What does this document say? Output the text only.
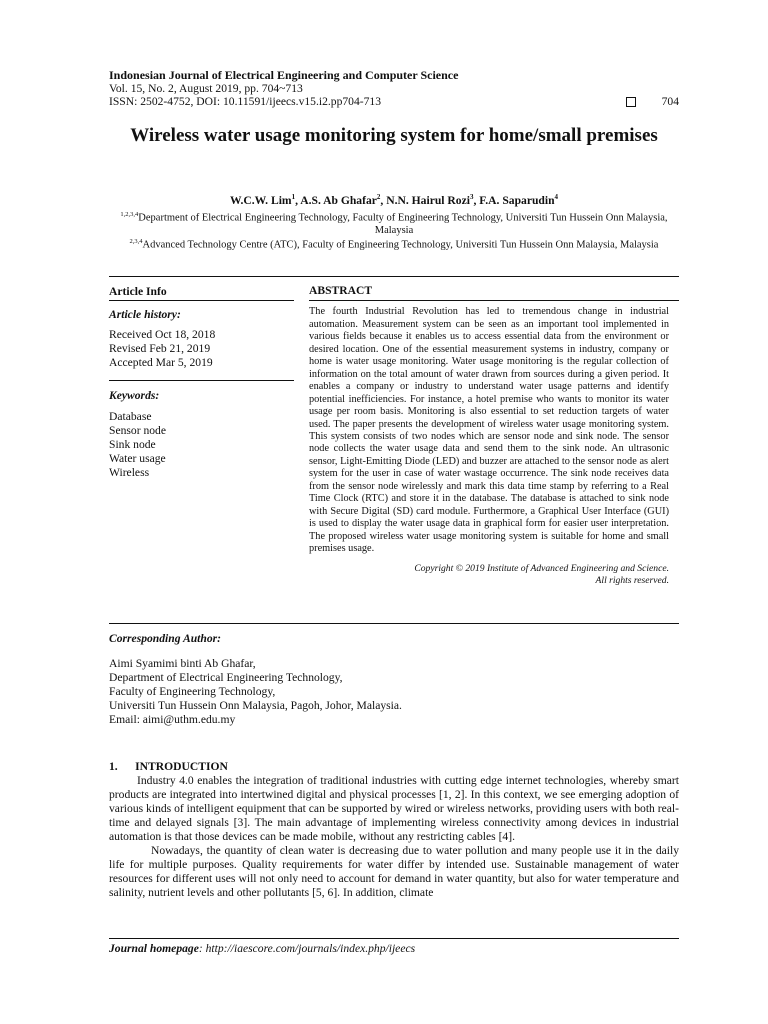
Indonesian Journal of Electrical Engineering and Computer Science
Vol. 15, No. 2, August 2019, pp. 704~713
ISSN: 2502-4752, DOI: 10.11591/ijeecs.v15.i2.pp704-713	704
Wireless water usage monitoring system for home/small premises
W.C.W. Lim$^1$, A.S. Ab Ghafar$^2$, N.N. Hairul Rozi$^3$, F.A. Saparudin$^4$
$^{1,2,3,4}$Department of Electrical Engineering Technology, Faculty of Engineering Technology, Universiti Tun Hussein Onn Malaysia, Malaysia
$^{2,3,4}$Advanced Technology Centre (ATC), Faculty of Engineering Technology, Universiti Tun Hussein Onn Malaysia, Malaysia
Article Info
Article history:
Received Oct 18, 2018
Revised Feb 21, 2019
Accepted Mar 5, 2019
Keywords:
Database
Sensor node
Sink node
Water usage
Wireless
ABSTRACT
The fourth Industrial Revolution has led to tremendous change in industrial automation. Measurement system can be seen as an important tool implemented in various fields because it enables us to access essential data from the environment or desired location. One of the essential measurement systems in industry, company or home is water usage monitoring. Water usage monitoring is the regular collection of information on the total amount of water drawn from sources during a given period. It enables a company or industry to understand water usage patterns and identify potential inefficiencies. For instance, a hotel premise who wants to monitor its water usage per room basis. Monitoring is also essential to set reduction targets of water used. The paper presents the development of wireless water usage monitoring system. This system consists of two nodes which are sensor node and sink node. The sensor node collects the water usage data and send them to the sink node. An ultrasonic sensor, Light-Emitting Diode (LED) and buzzer are attached to the sensor node as alert system for the user in case of water wastage occurrence. The sink node receives data from the sensor node wirelessly and mark this data time stamp by referring to a Real Time Clock (RTC) and store it in the database. The database is attached to sink node with Secure Digital (SD) card module. Furthermore, a Graphical User Interface (GUI) is used to display the water usage data in graphical form for easier user interpretation. The proposed wireless water usage monitoring system is suitable for home and small premises usage.
Copyright © 2019 Institute of Advanced Engineering and Science.
All rights reserved.
Corresponding Author:
Aimi Syamimi binti Ab Ghafar,
Department of Electrical Engineering Technology,
Faculty of Engineering Technology,
Universiti Tun Hussein Onn Malaysia, Pagoh, Johor, Malaysia.
Email: aimi@uthm.edu.my

1.      INTRODUCTION

Industry 4.0 enables the integration of traditional industries with cutting edge internet technologies, whereby smart products are integrated into intertwined digital and physical processes [1, 2]. In this context, we see emerging adoption of various kinds of intelligent equipment that can be supported by wired or wireless networks, providing users with both real-time and delayed signals [3]. The main advantage of implementing wireless connectivity among devices in industrial automation is that those devices can be made mobile, without any restricting cables [4].

Nowadays, the quantity of clean water is decreasing due to water pollution and many people use it in the daily life for multiple purposes. Quality requirements for water differ by intended use. Sustainable management of water resources for different uses will not only need to account for demand in water quantity, but also for water temperature and salinity, nutrient levels and other pollutants [5, 6]. In addition, climate

Journal homepage: http://iaescore.com/journals/index.php/ijeecs
